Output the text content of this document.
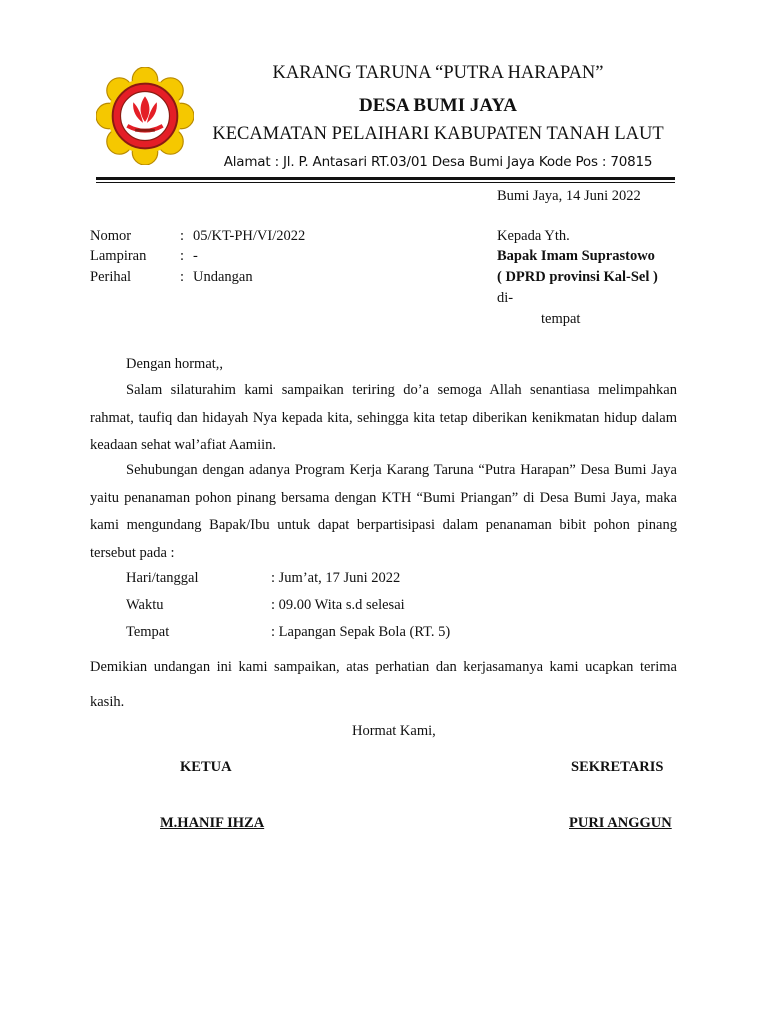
KARANG TARUNA “PUTRA HARAPAN”
DESA BUMI JAYA
KECAMATAN PELAIHARI KABUPATEN TANAH LAUT
Alamat : Jl. P. Antasari RT.03/01 Desa Bumi Jaya Kode Pos : 70815
Bumi Jaya, 14 Juni 2022
Nomor	: 05/KT-PH/VI/2022
Lampiran : -
Perihal	: Undangan
Kepada Yth.
Bapak Imam Suprastowo
( DPRD provinsi Kal-Sel )
di-
tempat
Dengan hormat,,
Salam silaturahim kami sampaikan teriring do’a semoga Allah senantiasa melimpahkan rahmat, taufiq dan hidayah Nya kepada kita, sehingga kita tetap diberikan kenikmatan hidup dalam keadaan sehat wal’afiat Aamiin.
Sehubungan dengan adanya Program Kerja Karang Taruna “Putra Harapan” Desa Bumi Jaya yaitu penanaman pohon pinang bersama dengan KTH “Bumi Priangan” di Desa Bumi Jaya, maka kami mengundang Bapak/Ibu untuk dapat berpartisipasi dalam penanaman bibit pohon pinang tersebut pada :
Hari/tanggal	: Jum’at, 17 Juni 2022
Waktu	: 09.00 Wita s.d selesai
Tempat	: Lapangan Sepak Bola (RT. 5)
Demikian undangan ini kami sampaikan, atas perhatian dan kerjasamanya kami ucapkan terima kasih.
Hormat Kami,
KETUA	SEKRETARIS
M.HANIF IHZA	PURI ANGGUN
